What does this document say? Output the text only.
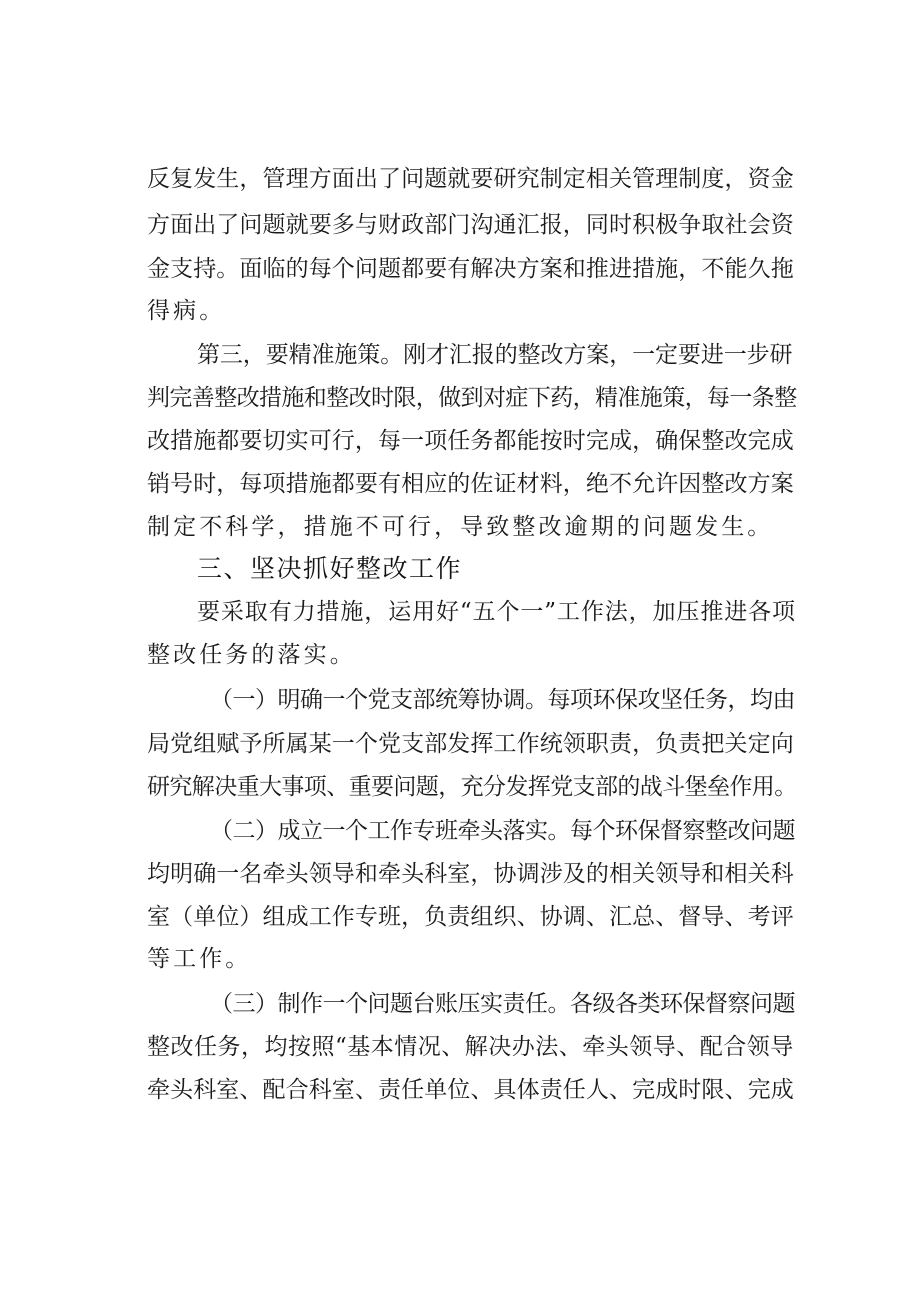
反复发生，管理方面出了问题就要研究制定相关管理制度，资金
方面出了问题就要多与财政部门沟通汇报，同时积极争取社会资
金支持。面临的每个问题都要有解决方案和推进措施，不能久拖
得病。
第三，要精准施策。刚才汇报的整改方案，一定要进一步研
判完善整改措施和整改时限，做到对症下药，精准施策，每一条整
改措施都要切实可行，每一项任务都能按时完成，确保整改完成
销号时，每项措施都要有相应的佐证材料，绝不允许因整改方案
制定不科学，措施不可行，导致整改逾期的问题发生。
三、坚决抓好整改工作
要采取有力措施，运用好“五个一”工作法，加压推进各项
整改任务的落实。
（一）明确一个党支部统筹协调。每项环保攻坚任务，均由
局党组赋予所属某一个党支部发挥工作统领职责，负责把关定向
研究解决重大事项、重要问题，充分发挥党支部的战斗堡垒作用。
（二）成立一个工作专班牵头落实。每个环保督察整改问题
均明确一名牵头领导和牵头科室，协调涉及的相关领导和相关科
室（单位）组成工作专班，负责组织、协调、汇总、督导、考评
等工作。
（三）制作一个问题台账压实责任。各级各类环保督察问题
整改任务，均按照“基本情况、解决办法、牵头领导、配合领导
牵头科室、配合科室、责任单位、具体责任人、完成时限、完成
